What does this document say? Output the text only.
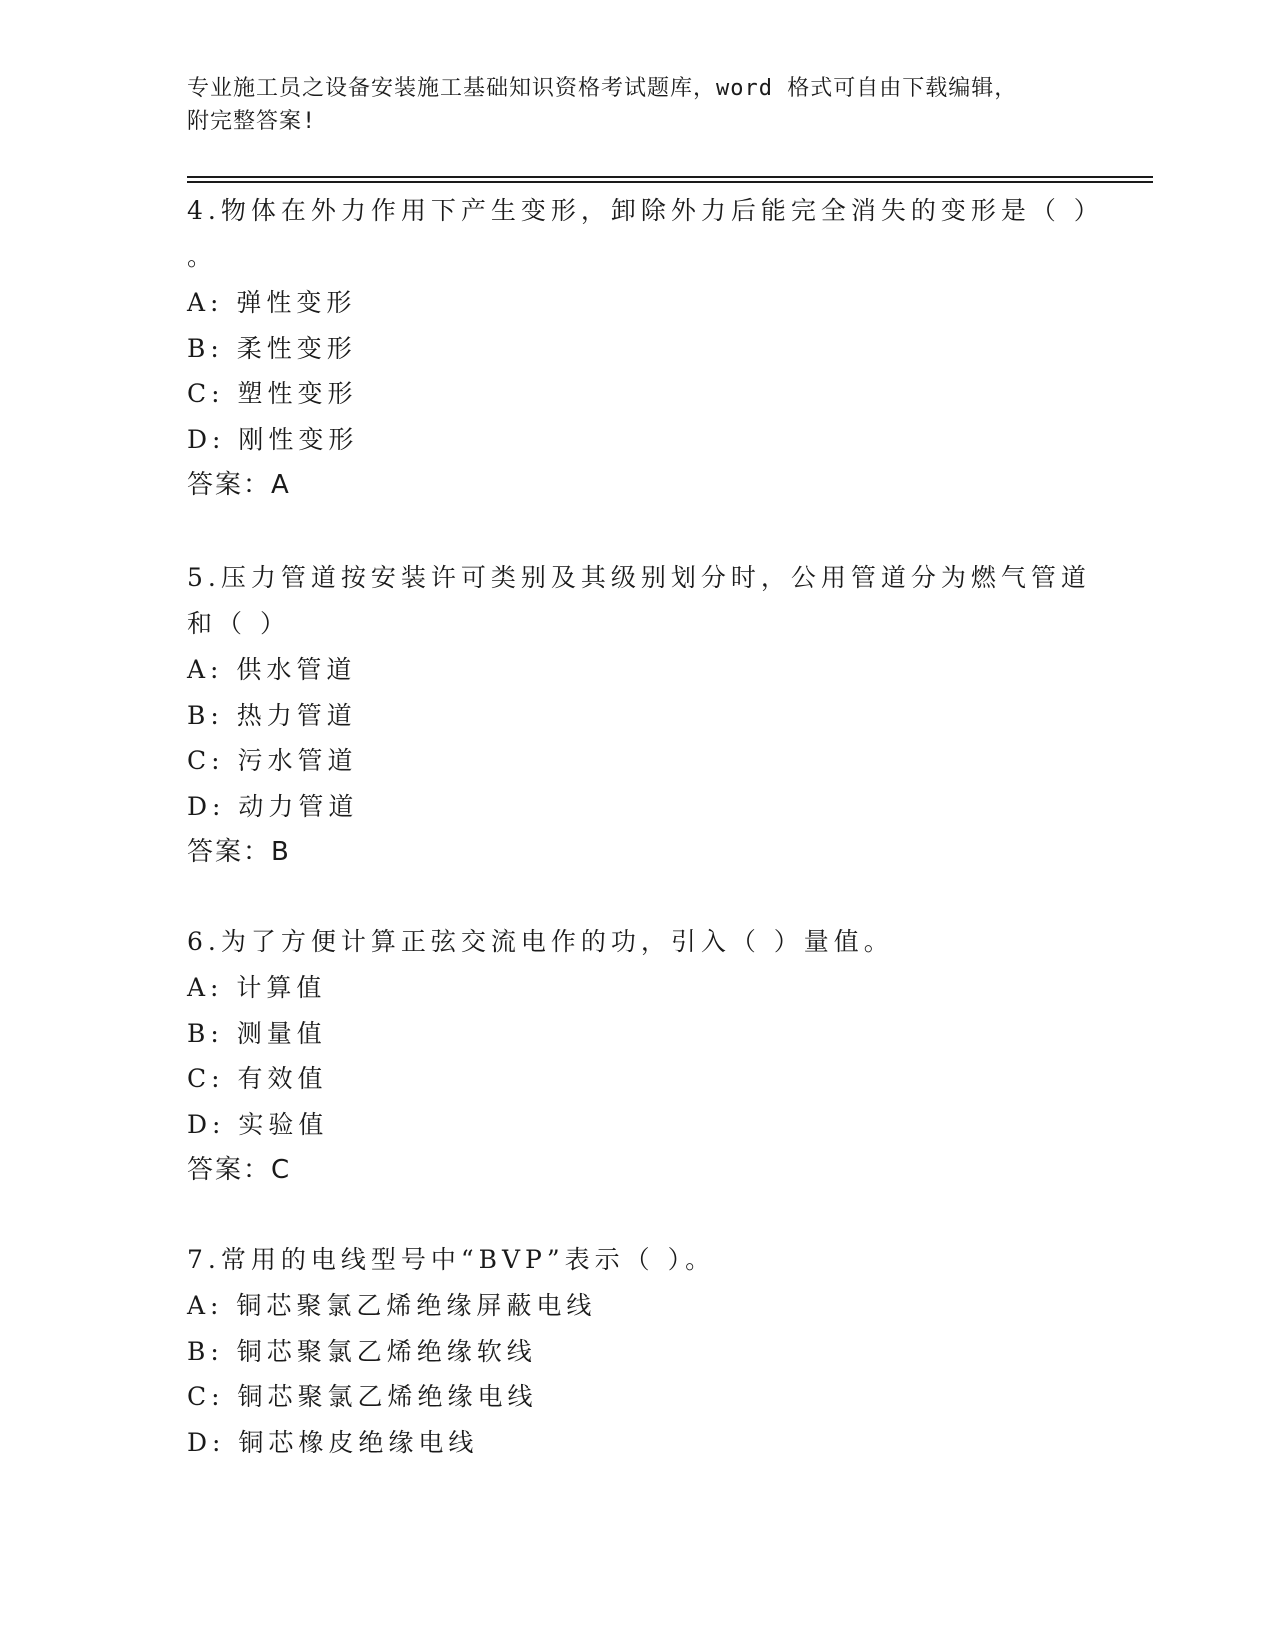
专业施工员之设备安装施工基础知识资格考试题库，word 格式可自由下载编辑，
附完整答案!
4.物体在外力作用下产生变形，卸除外力后能完全消失的变形是（ ）
。
A: 弹性变形
B: 柔性变形
C: 塑性变形
D: 刚性变形
答案：A
5.压力管道按安装许可类别及其级别划分时，公用管道分为燃气管道
和（ ）
A: 供水管道
B: 热力管道
C: 污水管道
D: 动力管道
答案：B
6.为了方便计算正弦交流电作的功，引入（ ）量值。
A: 计算值
B: 测量值
C: 有效值
D: 实验值
答案：C
7.常用的电线型号中“BVP”表示（ ）。
A: 铜芯聚氯乙烯绝缘屏蔽电线
B: 铜芯聚氯乙烯绝缘软线
C: 铜芯聚氯乙烯绝缘电线
D: 铜芯橡皮绝缘电线
